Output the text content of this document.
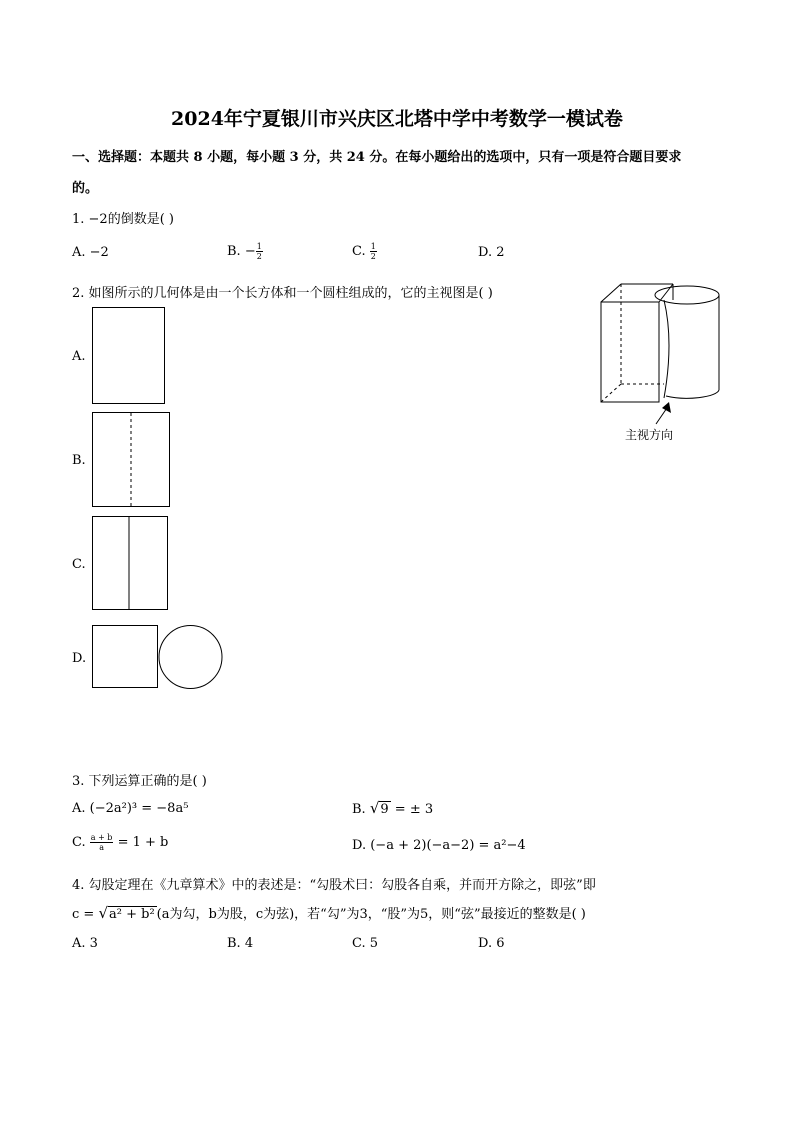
2024年宁夏银川市兴庆区北塔中学中考数学一模试卷
一、选择题：本题共 8 小题，每小题 3 分，共 24 分。在每小题给出的选项中，只有一项是符合题目要求
的。
1. −2的倒数是( )
A. −2	B. − $\frac{1}{2}$	C. $\frac{1}{2}$	D. 2
2. 如图所示的几何体是由一个长方体和一个圆柱组成的，它的主视图是( )
A.
B.
C.
D.
主视方向
3. 下列运算正确的是( )
A. (−2a²)³ = −8a⁵	B. √9 = ± 3
C. $\frac{a + b}{a} = 1 + b$	D. (−a + 2)(−a−2) = a²−4
4. 勾股定理在《九章算术》中的表述是：“勾股术曰：勾股各自乘，并而开方除之，即弦”即
c = √a² + b² (a为勾，b为股，c为弦)，若“勾”为3，“股”为5，则“弦”最接近的整数是( )
A. 3	B. 4	C. 5	D. 6
